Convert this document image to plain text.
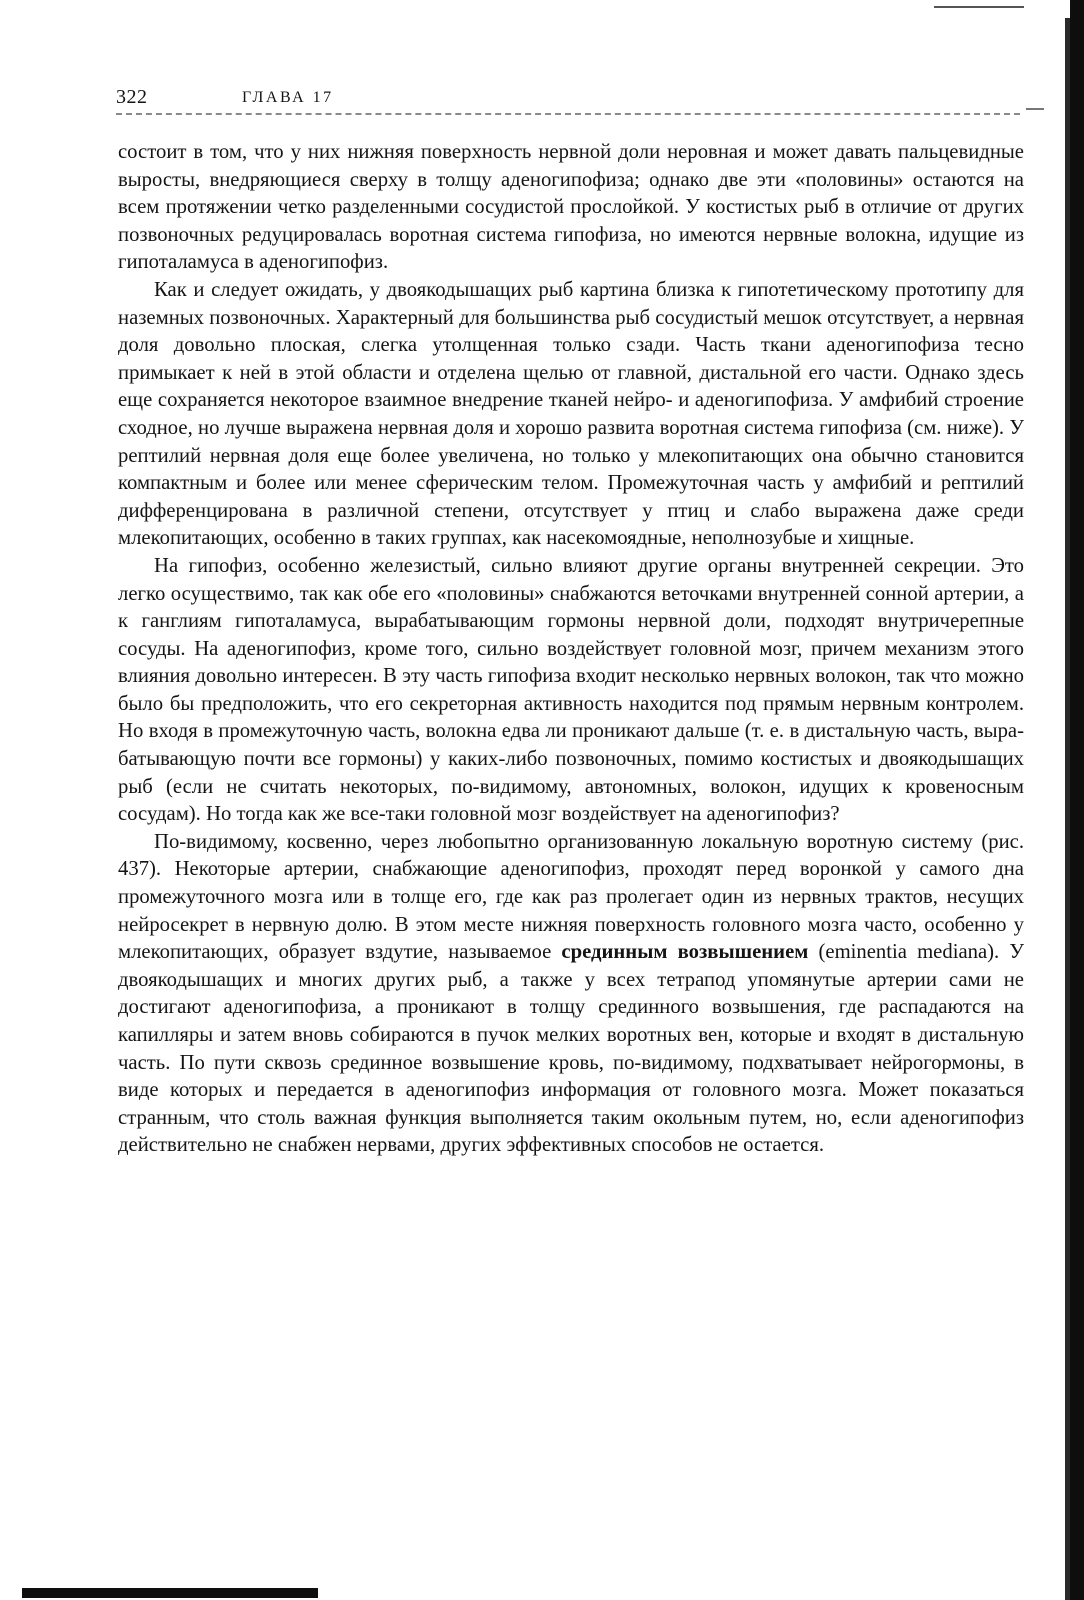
322	ГЛАВА 17

состоит в том, что у них нижняя поверхность нервной доли неровная и может давать пальцевидные выросты, внедряющиеся сверху в толщу аденогипофиза; однако две эти «половины» остаются на всем протяжении четко разделенными сосудистой прослойкой. У костистых рыб в отличие от других позвоночных редуцировалась воротная система гипофиза, но имеются нервные волокна, идущие из гипоталамуса в аденогипофиз.

Как и следует ожидать, у двоякодышащих рыб картина близка к гипотетическому прототипу для наземных позвоночных. Характерный для большинства рыб сосудистый мешок отсутствует, а нервная доля довольно плоская, слегка утолщенная только сзади. Часть ткани аденогипофиза тесно примыкает к ней в этой области и отделена щелью от главной, дистальной его части. Однако здесь еще сохраняется некоторое взаимное внедрение тканей нейро- и аденогипофиза. У амфибий строение сходное, но лучше выражена нервная доля и хорошо развита воротная система гипофиза (см. ниже). У рептилий нервная доля еще более увеличена, но только у млекопитающих она обычно становится компактным и более или менее сферическим телом. Промежуточная часть у амфибий и рептилий дифференцирована в различной степени, отсутствует у птиц и слабо выражена даже среди млекопитающих, особенно в таких группах, как насекомоядные, неполнозубые и хищные.

На гипофиз, особенно железистый, сильно влияют другие органы внутренней секреции. Это легко осуществимо, так как обе его «половины» снабжаются веточками внутренней сонной артерии, а к ганглиям гипоталамуса, вырабатывающим гормоны нервной доли, подходят внутричерепные сосуды. На аденогипофиз, кроме того, сильно воздействует головной мозг, причем механизм этого влияния довольно интересен. В эту часть гипофиза входит несколько нервных волокон, так что можно было бы предположить, что его секреторная активность находится под прямым нервным контролем. Но входя в промежуточную часть, волокна едва ли проникают дальше (т. е. в дистальную часть, вырабатывающую почти все гормоны) у каких-либо позвоночных, помимо костистых и двоякодышащих рыб (если не считать некоторых, по-видимому, автономных, волокон, идущих к кровеносным сосудам). Но тогда как же все-таки головной мозг воздействует на аденогипофиз?

По-видимому, косвенно, через любопытно организованную локальную воротную систему (рис. 437). Некоторые артерии, снабжающие аденогипофиз, проходят перед воронкой у самого дна промежуточного мозга или в толще его, где как раз пролегает один из нервных трактов, несущих нейросекрет в нервную долю. В этом месте нижняя поверхность головного мозга часто, особенно у млекопитающих, образует вздутие, называемое срединным возвышением (eminentia mediana). У двоякодышащих и многих других рыб, а также у всех тетрапод упомянутые артерии сами не достигают аденогипофиза, а проникают в толщу срединного возвышения, где распадаются на капилляры и затем вновь собираются в пучок мелких воротных вен, которые и входят в дистальную часть. По пути сквозь срединное возвышение кровь, по-видимому, подхватывает нейрогормоны, в виде которых и передается в аденогипофиз информация от головного мозга. Может показаться странным, что столь важная функция выполняется таким окольным путем, но, если аденогипофиз действительно не снабжен нервами, других эффективных способов не остается.
